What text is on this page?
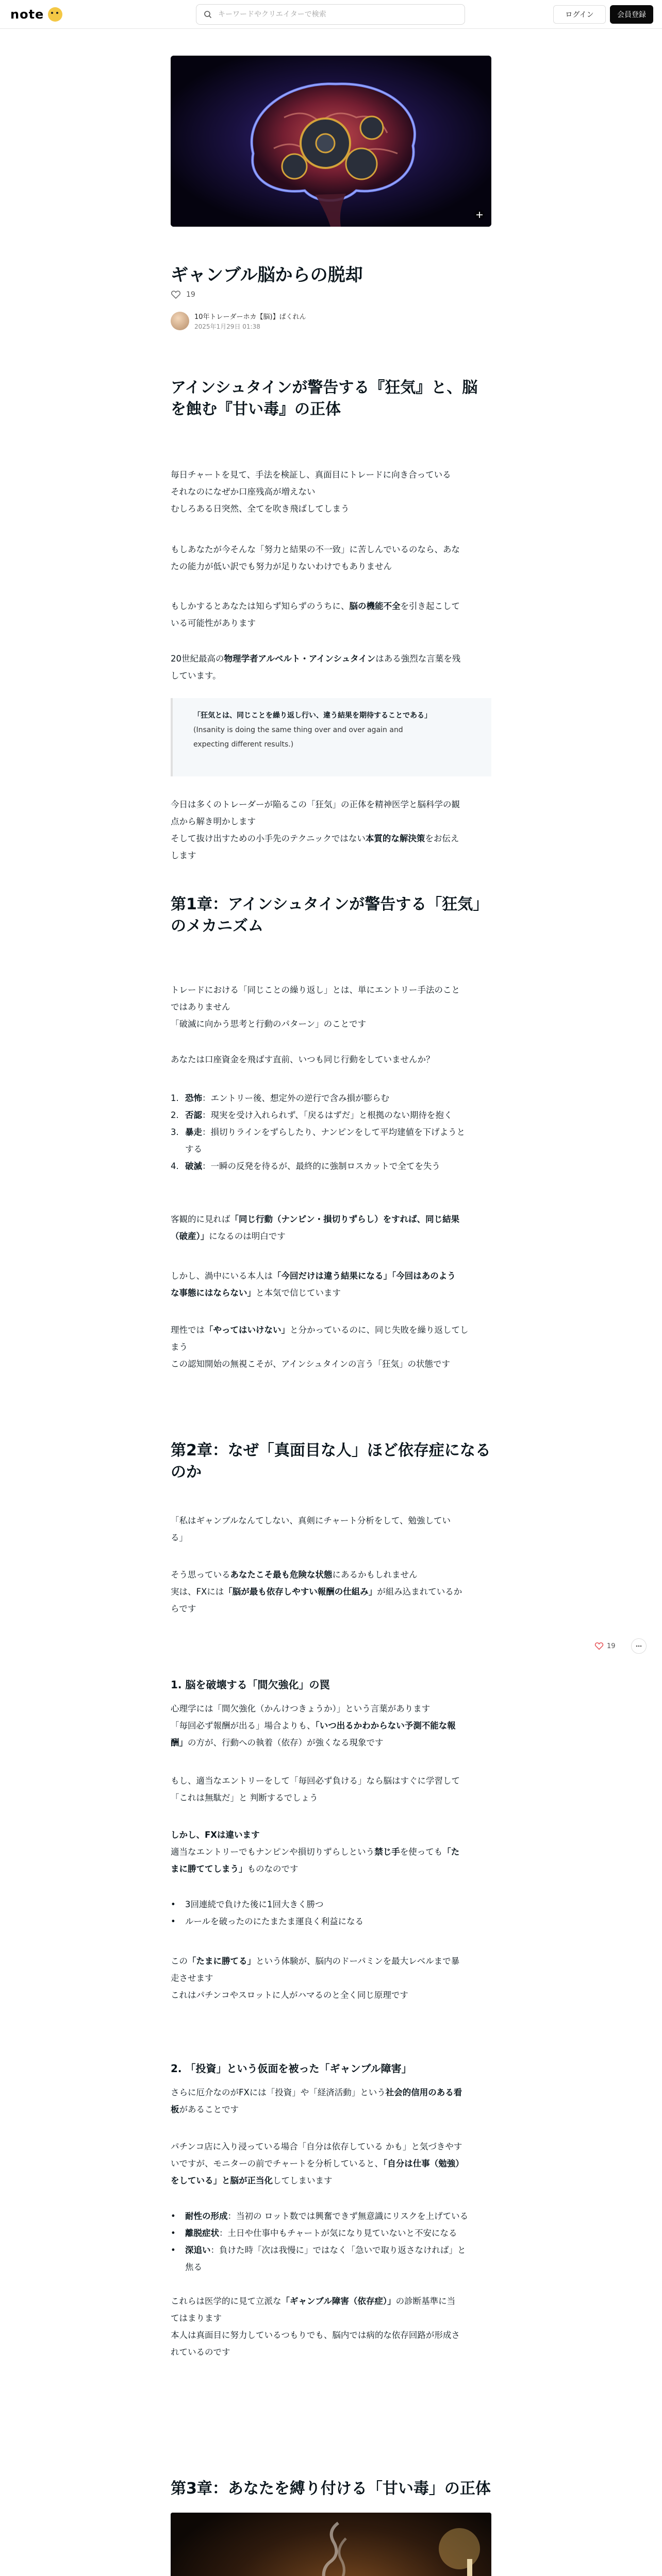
note
キーワードやクリエイターで検索	ログイン	会員登録
ギャンブル脳からの脱却
19
10年トレーダーホカ【脳)】ぱくれん
2025年1月29日 01:38
アインシュタインが警告する『狂気』と、脳を蝕む『甘い毒』の正体

毎日チャートを見て、手法を検証し、真面目にトレードに向き合っている

それなのになぜか口座残高が増えない

むしろある日突然、全てを吹き飛ばしてしまう

もしあなたが今そんな「努力と結果の不一致」に苦しんでいるのなら、あな

たの能力が低い訳でも努力が足りないわけでもありません

もしかするとあなたは知らず知らずのうちに、脳の機能不全を引き起こして

いる可能性があります

20世紀最高の物理学者アルベルト・アインシュタインはある強烈な言葉を残

しています。

「狂気とは、同じことを繰り返し行い、違う結果を期待することである」

(Insanity is doing the same thing over and over again and

expecting different results.)

今日は多くのトレーダーが陥るこの「狂気」の正体を精神医学と脳科学の観

点から解き明かします

そして抜け出すための小手先のテクニックではない本質的な解決策をお伝え

します

第1章：アインシュタインが警告する「狂気」のメカニズム

トレードにおける「同じことの繰り返し」とは、単にエントリー手法のこと

ではありません

「破滅に向かう思考と行動のパターン」のことです

あなたは口座資金を飛ばす直前、いつも同じ行動をしていませんか？

1. 恐怖：エントリー後、想定外の逆行で含み損が膨らむ
2. 否認：現実を受け入れられず、「戻るはずだ」と根拠のない期待を抱く
3. 暴走：損切りラインをずらしたり、ナンピンをして平均建値を下げようと
する
4. 破滅：一瞬の反発を待るが、最終的に強制ロスカットで全てを失う

客観的に見れば「同じ行動（ナンピン・損切りずらし）をすれば、同じ結果

（破産）」になるのは明白です

しかし、渦中にいる本人は「今回だけは違う結果になる」「今回はあのよう

な事態にはならない」と本気で信じています

理性では「やってはいけない」と分かっているのに、同じ失敗を繰り返してし

まう

この認知開始の無視こそが、アインシュタインの言う「狂気」の状態です

第2章：なぜ「真面目な人」ほど依存症になるのか

「私はギャンブルなんてしない、真剣にチャート分析をして、勉強してい

る」

そう思っているあなたこそ最も危険な状態にあるかもしれません

実は、FXには「脳が最も依存しやすい報酬の仕組み」が組み込まれているか

らです

1. 脳を破壊する「間欠強化」の罠

心理学には「間欠強化（かんけつきょうか）」という言葉があります

「毎回必ず報酬が出る」場合よりも、「いつ出るかわからない予測不能な報

酬」の方が、行動への執着（依存）が強くなる現象です

もし、適当なエントリーをして「毎回必ず負ける」なら脳はすぐに学習して

「これは無駄だ」と 判断するでしょう

しかし、FXは違います

適当なエントリーでもナンピンや損切りずらしという禁じ手を使っても「た

まに勝ててしまう」ものなのです

•	3回連続で負けた後に1回大きく勝つ
•	ルールを破ったのにたまたま運良く利益になる

この「たまに勝てる」という体験が、脳内のドーパミンを最大レベルまで暴

走させます

これはパチンコやスロットに人がハマるのと全く同じ原理です

19
2. 「投資」という仮面を被った「ギャンブル障害」

さらに厄介なのがFXには「投資」や「経済活動」という社会的信用のある看

板があることです

パチンコ店に入り浸っている場合「自分は依存している かも」と気づきやす

いですが、モニターの前でチャートを分析していると、「自分は仕事（勉強）

をしている」と脳が正当化してしまいます

•	耐性の形成：当初の ロット数では興奮できず無意識にリスクを上げている
•	離脱症状：土日や仕事中もチャートが気になり見ていないと不安になる
•	深追い：負けた時「次は我慢に」ではなく「急いで取り返さなければ」と
焦る

これらは医学的に見て立派な「ギャンブル障害（依存症）」の診断基準に当

てはまります

本人は真面目に努力しているつもりでも、脳内では病的な依存回路が形成さ

れているのです

第3章：あなたを縛り付ける「甘い毒」の正体
